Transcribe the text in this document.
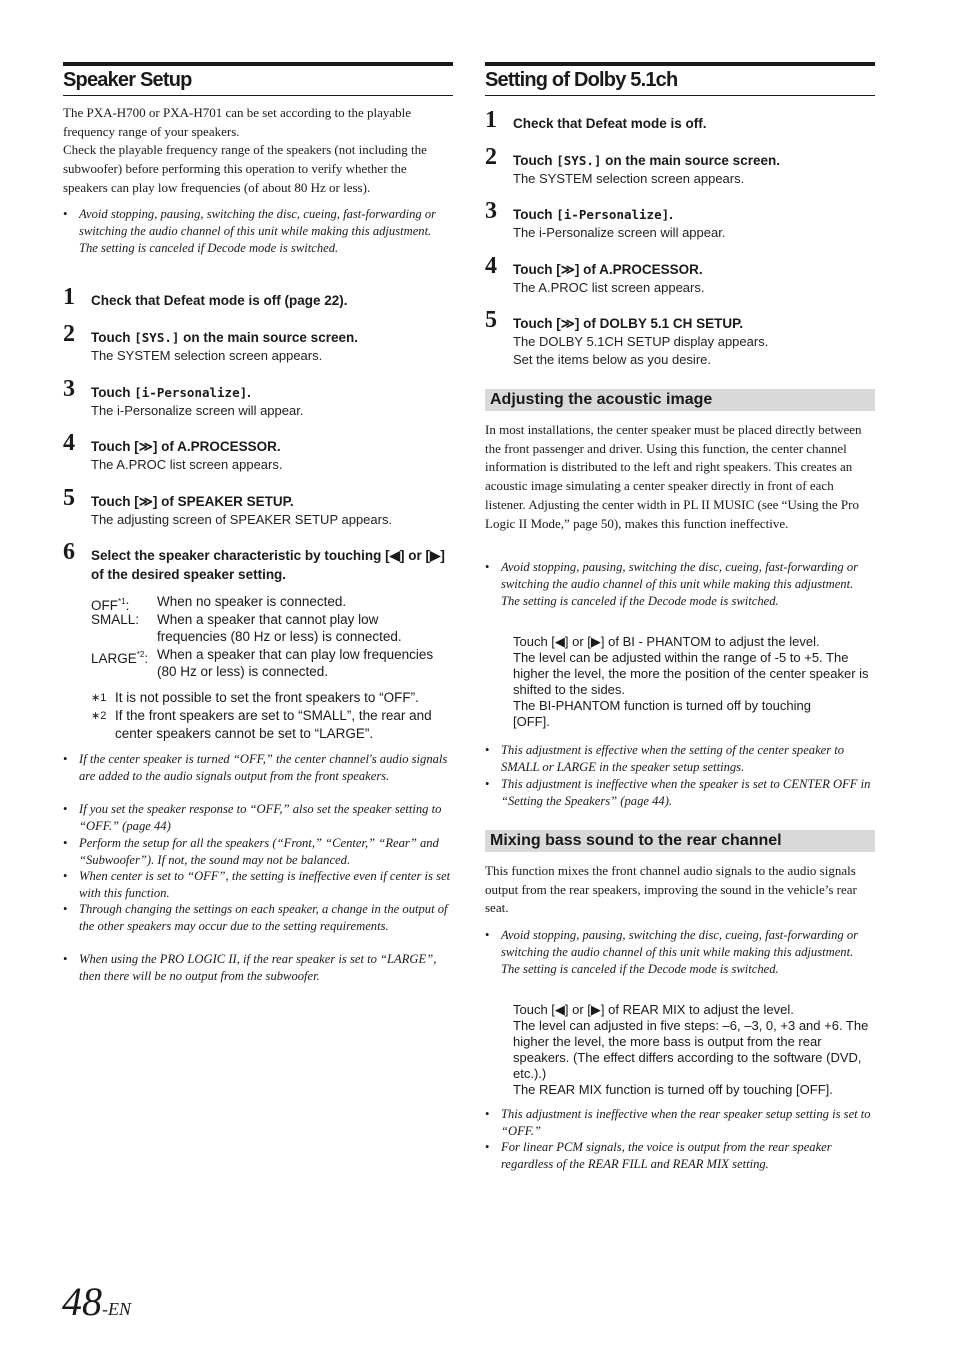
Speaker Setup
The PXA-H700 or PXA-H701 can be set according to the playable frequency range of your speakers.
Check the playable frequency range of the speakers (not including the subwoofer) before performing this operation to verify whether the speakers can play low frequencies (of about 80 Hz or less).
• Avoid stopping, pausing, switching the disc, cueing, fast-forwarding or switching the audio channel of this unit while making this adjustment. The setting is canceled if Decode mode is switched.
1 Check that Defeat mode is off (page 22).
2 Touch [SYS.] on the main source screen.
The SYSTEM selection screen appears.
3 Touch [i-Personalize].
The i-Personalize screen will appear.
4 Touch [≫] of A.PROCESSOR.
The A.PROC list screen appears.
5 Touch [≫] of SPEAKER SETUP.
The adjusting screen of SPEAKER SETUP appears.
6 Select the speaker characteristic by touching [◀] or [▶] of the desired speaker setting.
OFF$^{*1}$: When no speaker is connected.
SMALL: When a speaker that cannot play low frequencies (80 Hz or less) is connected.
LARGE$^{*2}$: When a speaker that can play low frequencies (80 Hz or less) is connected.
∗1 It is not possible to set the front speakers to “OFF”.
∗2 If the front speakers are set to “SMALL”, the rear and center speakers cannot be set to “LARGE”.
• If the center speaker is turned “OFF,” the center channel's audio signals are added to the audio signals output from the front speakers.
• If you set the speaker response to “OFF,” also set the speaker setting to “OFF.” (page 44)
• Perform the setup for all the speakers (“Front,” “Center,” “Rear” and “Subwoofer”). If not, the sound may not be balanced.
• When center is set to “OFF”, the setting is ineffective even if center is set with this function.
• Through changing the settings on each speaker, a change in the output of the other speakers may occur due to the setting requirements.
• When using the PRO LOGIC II, if the rear speaker is set to “LARGE”, then there will be no output from the subwoofer.
Setting of Dolby 5.1ch
1 Check that Defeat mode is off.
2 Touch [SYS.] on the main source screen.
The SYSTEM selection screen appears.
3 Touch [i-Personalize].
The i-Personalize screen will appear.
4 Touch [≫] of A.PROCESSOR.
The A.PROC list screen appears.
5 Touch [≫] of DOLBY 5.1 CH SETUP.
The DOLBY 5.1CH SETUP display appears.
Set the items below as you desire.
Adjusting the acoustic image
In most installations, the center speaker must be placed directly between the front passenger and driver. Using this function, the center channel information is distributed to the left and right speakers. This creates an acoustic image simulating a center speaker directly in front of each listener. Adjusting the center width in PL II MUSIC (see “Using the Pro Logic II Mode,” page 50), makes this function ineffective.
• Avoid stopping, pausing, switching the disc, cueing, fast-forwarding or switching the audio channel of this unit while making this adjustment. The setting is canceled if the Decode mode is switched.
Touch [◀] or [▶] of BI - PHANTOM to adjust the level.
The level can be adjusted within the range of -5 to +5. The higher the level, the more the position of the center speaker is shifted to the sides.
The BI-PHANTOM function is turned off by touching
[OFF].
• This adjustment is effective when the setting of the center speaker to SMALL or LARGE in the speaker setup settings.
• This adjustment is ineffective when the speaker is set to CENTER OFF in “Setting the Speakers” (page 44).
Mixing bass sound to the rear channel
This function mixes the front channel audio signals to the audio signals output from the rear speakers, improving the sound in the vehicle’s rear seat.
• Avoid stopping, pausing, switching the disc, cueing, fast-forwarding or switching the audio channel of this unit while making this adjustment. The setting is canceled if the Decode mode is switched.
Touch [◀] or [▶] of REAR MIX to adjust the level.
The level can adjusted in five steps: –6, –3, 0, +3 and +6. The higher the level, the more bass is output from the rear speakers. (The effect differs according to the software (DVD, etc.).)
The REAR MIX function is turned off by touching [OFF].
• This adjustment is ineffective when the rear speaker setup setting is set to “OFF.”
• For linear PCM signals, the voice is output from the rear speaker regardless of the REAR FILL and REAR MIX setting.
48-EN
